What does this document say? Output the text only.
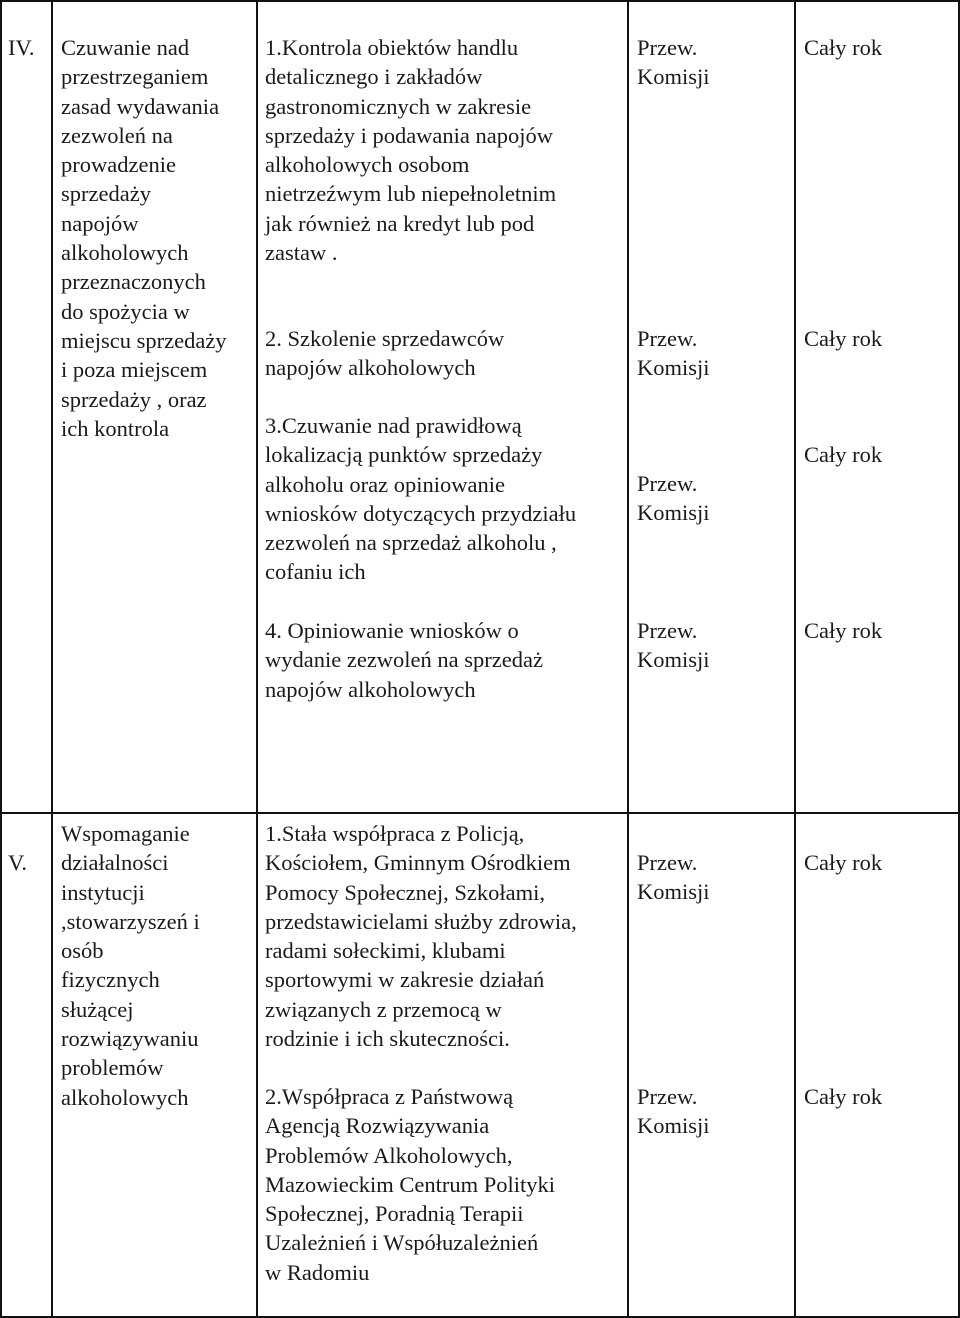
IV. Czuwanie nad
przestrzeganiem
zasad wydawania
zezwoleń na
prowadzenie
sprzedaży
napojów
alkoholowych
przeznaczonych
do spożycia w
miejscu sprzedaży
i poza miejscem
sprzedaży , oraz
ich kontrola
1.Kontrola obiektów handlu
detalicznego i zakładów
gastronomicznych w zakresie
sprzedaży i podawania napojów
alkoholowych osobom
nietrzeźwym lub niepełnoletnim
jak również na kredyt lub pod
zastaw .
Przew.
Komisji
Cały rok
2. Szkolenie sprzedawców
napojów alkoholowych
Przew.
Komisji
Cały rok
3.Czuwanie nad prawidłową
lokalizacją punktów sprzedaży
alkoholu oraz opiniowanie
wniosków dotyczących przydziału
zezwoleń na sprzedaż alkoholu ,
cofaniu ich
Przew.
Komisji
Cały rok
4. Opiniowanie wniosków o
wydanie zezwoleń na sprzedaż
napojów alkoholowych
Przew.
Komisji
Cały rok
V.
Wspomaganie
działalności
instytucji
,stowarzyszeń i
osób
fizycznych
służącej
rozwiązywaniu
problemów
alkoholowych
1.Stała współpraca z Policją,
Kościołem, Gminnym Ośrodkiem
Pomocy Społecznej, Szkołami,
przedstawicielami służby zdrowia,
radami sołeckimi, klubami
sportowymi w zakresie działań
związanych z przemocą w
rodzinie i ich skuteczności.
Przew.
Komisji
Cały rok
2.Współpraca z Państwową
Agencją Rozwiązywania
Problemów Alkoholowych,
Mazowieckim Centrum Polityki
Społecznej, Poradnią Terapii
Uzależnień i Współuzależnień
w Radomiu
Przew.
Komisji
Cały rok
